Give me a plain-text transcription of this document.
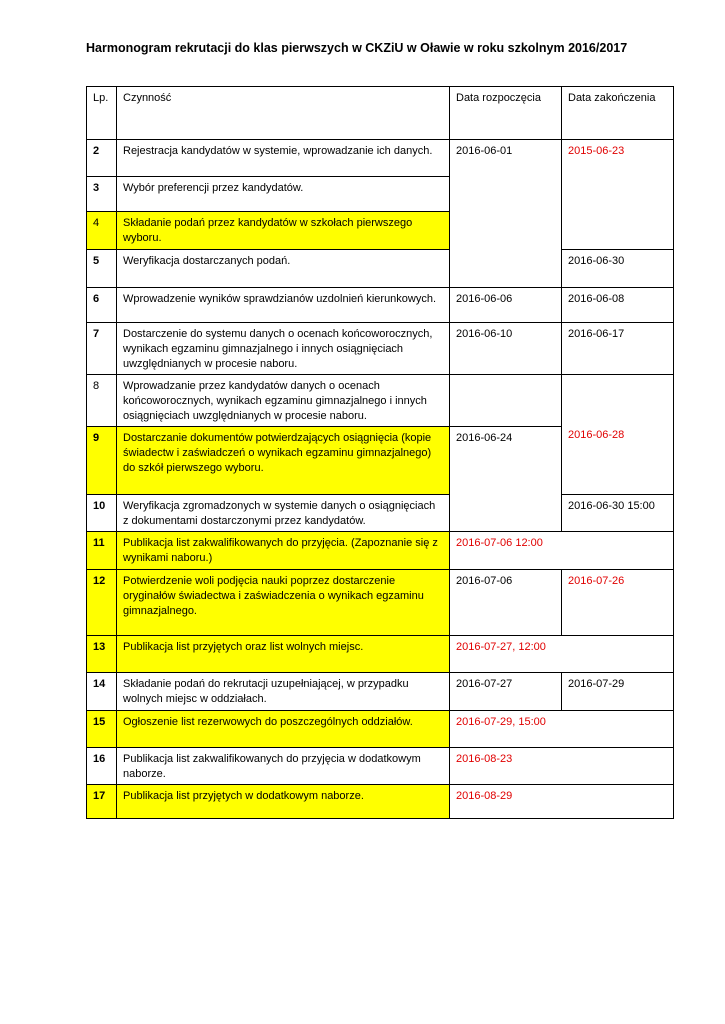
Harmonogram rekrutacji do klas pierwszych w CKZiU w Oławie w roku szkolnym 2016/2017
Lp.	Czynność	Data rozpoczęcia	Data zakończenia
2	Rejestracja kandydatów w systemie, wprowadzanie ich danych.	2016-06-01	2015-06-23
3	Wybór preferencji przez kandydatów.		
4	Składanie podań przez kandydatów w szkołach pierwszego wyboru.		
5	Weryfikacja dostarczanych podań.		2016-06-30
6	Wprowadzenie wyników sprawdzianów uzdolnień kierunkowych.	2016-06-06	2016-06-08
7	Dostarczenie do systemu danych o ocenach końcoworocznych, wynikach egzaminu gimnazjalnego i innych osiągnięciach uwzględnianych w procesie naboru.	2016-06-10	2016-06-17
8	Wprowadzanie przez kandydatów danych o ocenach końcoworocznych, wynikach egzaminu gimnazjalnego i innych osiągnięciach uwzględnianych w procesie naboru.		2016-06-28
9	Dostarczanie dokumentów potwierdzających osiągnięcia (kopie świadectw i zaświadczeń o wynikach egzaminu gimnazjalnego) do szkół pierwszego wyboru.	2016-06-24	
10	Weryfikacja zgromadzonych w systemie danych o osiągnięciach z dokumentami dostarczonymi przez kandydatów.		2016-06-30 15:00
11	Publikacja list zakwalifikowanych do przyjęcia. (Zapoznanie się z wynikami naboru.)	2016-07-06 12:00	
12	Potwierdzenie woli podjęcia nauki poprzez dostarczenie oryginałów świadectwa i zaświadczenia o wynikach egzaminu gimnazjalnego.	2016-07-06	2016-07-26
13	Publikacja list przyjętych oraz list wolnych miejsc.	2016-07-27, 12:00	
14	Składanie podań do rekrutacji uzupełniającej, w przypadku wolnych miejsc w oddziałach.	2016-07-27	2016-07-29
15	Ogłoszenie list rezerwowych do poszczególnych oddziałów.	2016-07-29, 15:00	
16	Publikacja list zakwalifikowanych do przyjęcia w dodatkowym naborze.	2016-08-23	
17	Publikacja list przyjętych w dodatkowym naborze.	2016-08-29	
